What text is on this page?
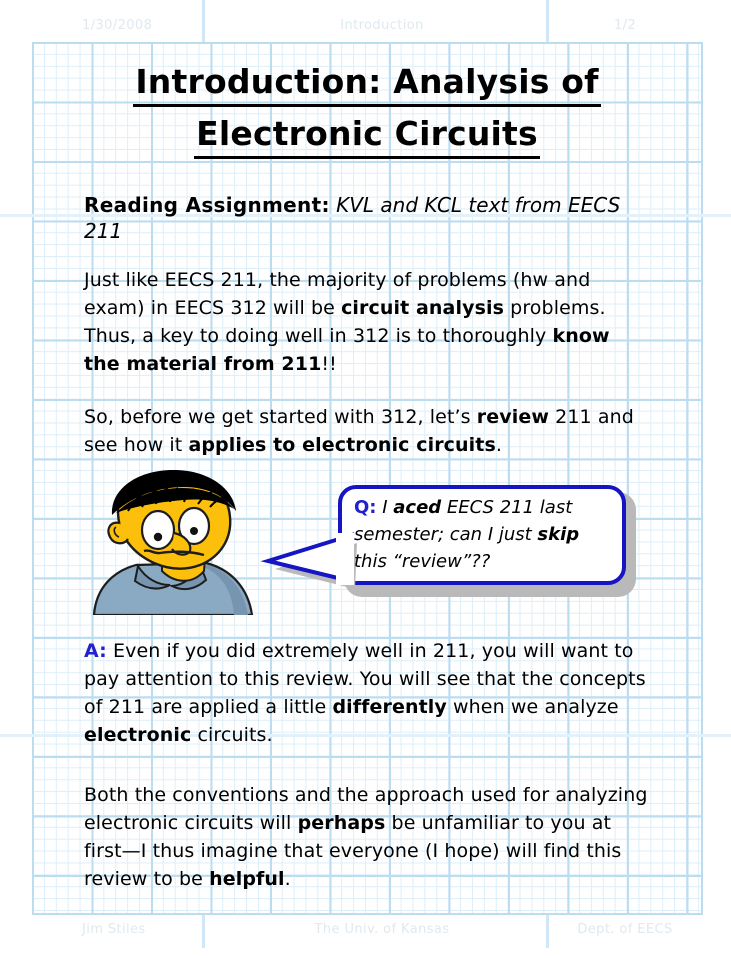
1/30/2008	Introduction	1/2
Introduction: Analysis of
Electronic Circuits
Reading Assignment: KVL and KCL text from EECS 211

Just like EECS 211, the majority of problems (hw and exam) in EECS 312 will be circuit analysis problems. Thus, a key to doing well in 312 is to thoroughly know the material from 211!!

So, before we get started with 312, let’s review 211 and see how it applies to electronic circuits.

Q: I aced EECS 211 last semester; can I just skip this “review”??

A: Even if you did extremely well in 211, you will want to pay attention to this review. You will see that the concepts of 211 are applied a little differently when we analyze electronic circuits.

Both the conventions and the approach used for analyzing electronic circuits will perhaps be unfamiliar to you at first—I thus imagine that everyone (I hope) will find this review to be helpful.

Jim Stiles	The Univ. of Kansas	Dept. of EECS
